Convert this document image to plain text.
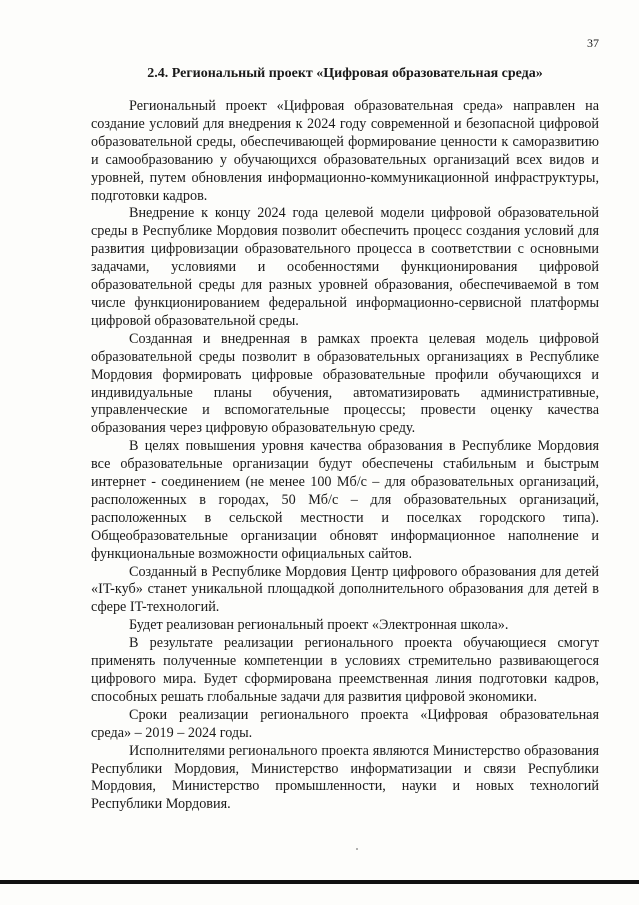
37
2.4. Региональный проект «Цифровая образовательная среда»

Региональный проект «Цифровая образовательная среда» направлен на создание условий для внедрения к 2024 году современной и безопасной цифровой образовательной среды, обеспечивающей формирование ценности к саморазвитию и самообразованию у обучающихся образовательных организаций всех видов и уровней, путем обновления информационно-коммуникационной инфраструктуры, подготовки кадров.

Внедрение к концу 2024 года целевой модели цифровой образовательной среды в Республике Мордовия позволит обеспечить процесс создания условий для развития цифровизации образовательного процесса в соответствии с основными задачами, условиями и особенностями функционирования цифровой образовательной среды для разных уровней образования, обеспечиваемой в том числе функционированием федеральной информационно-сервисной платформы цифровой образовательной среды.

Созданная и внедренная в рамках проекта целевая модель цифровой образовательной среды позволит в образовательных организациях в Республике Мордовия формировать цифровые образовательные профили обучающихся и индивидуальные планы обучения, автоматизировать административные, управленческие и вспомогательные процессы; провести оценку качества образования через цифровую образовательную среду.

В целях повышения уровня качества образования в Республике Мордовия все образовательные организации будут обеспечены стабильным и быстрым интернет - соединением (не менее 100 Мб/с – для образовательных организаций, расположенных в городах, 50 Мб/с – для образовательных организаций, расположенных в сельской местности и поселках городского типа). Общеобразовательные организации обновят информационное наполнение и функциональные возможности официальных сайтов.

Созданный в Республике Мордовия Центр цифрового образования для детей «IT-куб» станет уникальной площадкой дополнительного образования для детей в сфере IT-технологий.

Будет реализован региональный проект «Электронная школа».

В результате реализации регионального проекта обучающиеся смогут применять полученные компетенции в условиях стремительно развивающегося цифрового мира. Будет сформирована преемственная линия подготовки кадров, способных решать глобальные задачи для развития цифровой экономики.

Сроки реализации регионального проекта «Цифровая образовательная среда» – 2019 – 2024 годы.

Исполнителями регионального проекта являются Министерство образования Республики Мордовия, Министерство информатизации и связи Республики Мордовия, Министерство промышленности, науки и новых технологий Республики Мордовия.
